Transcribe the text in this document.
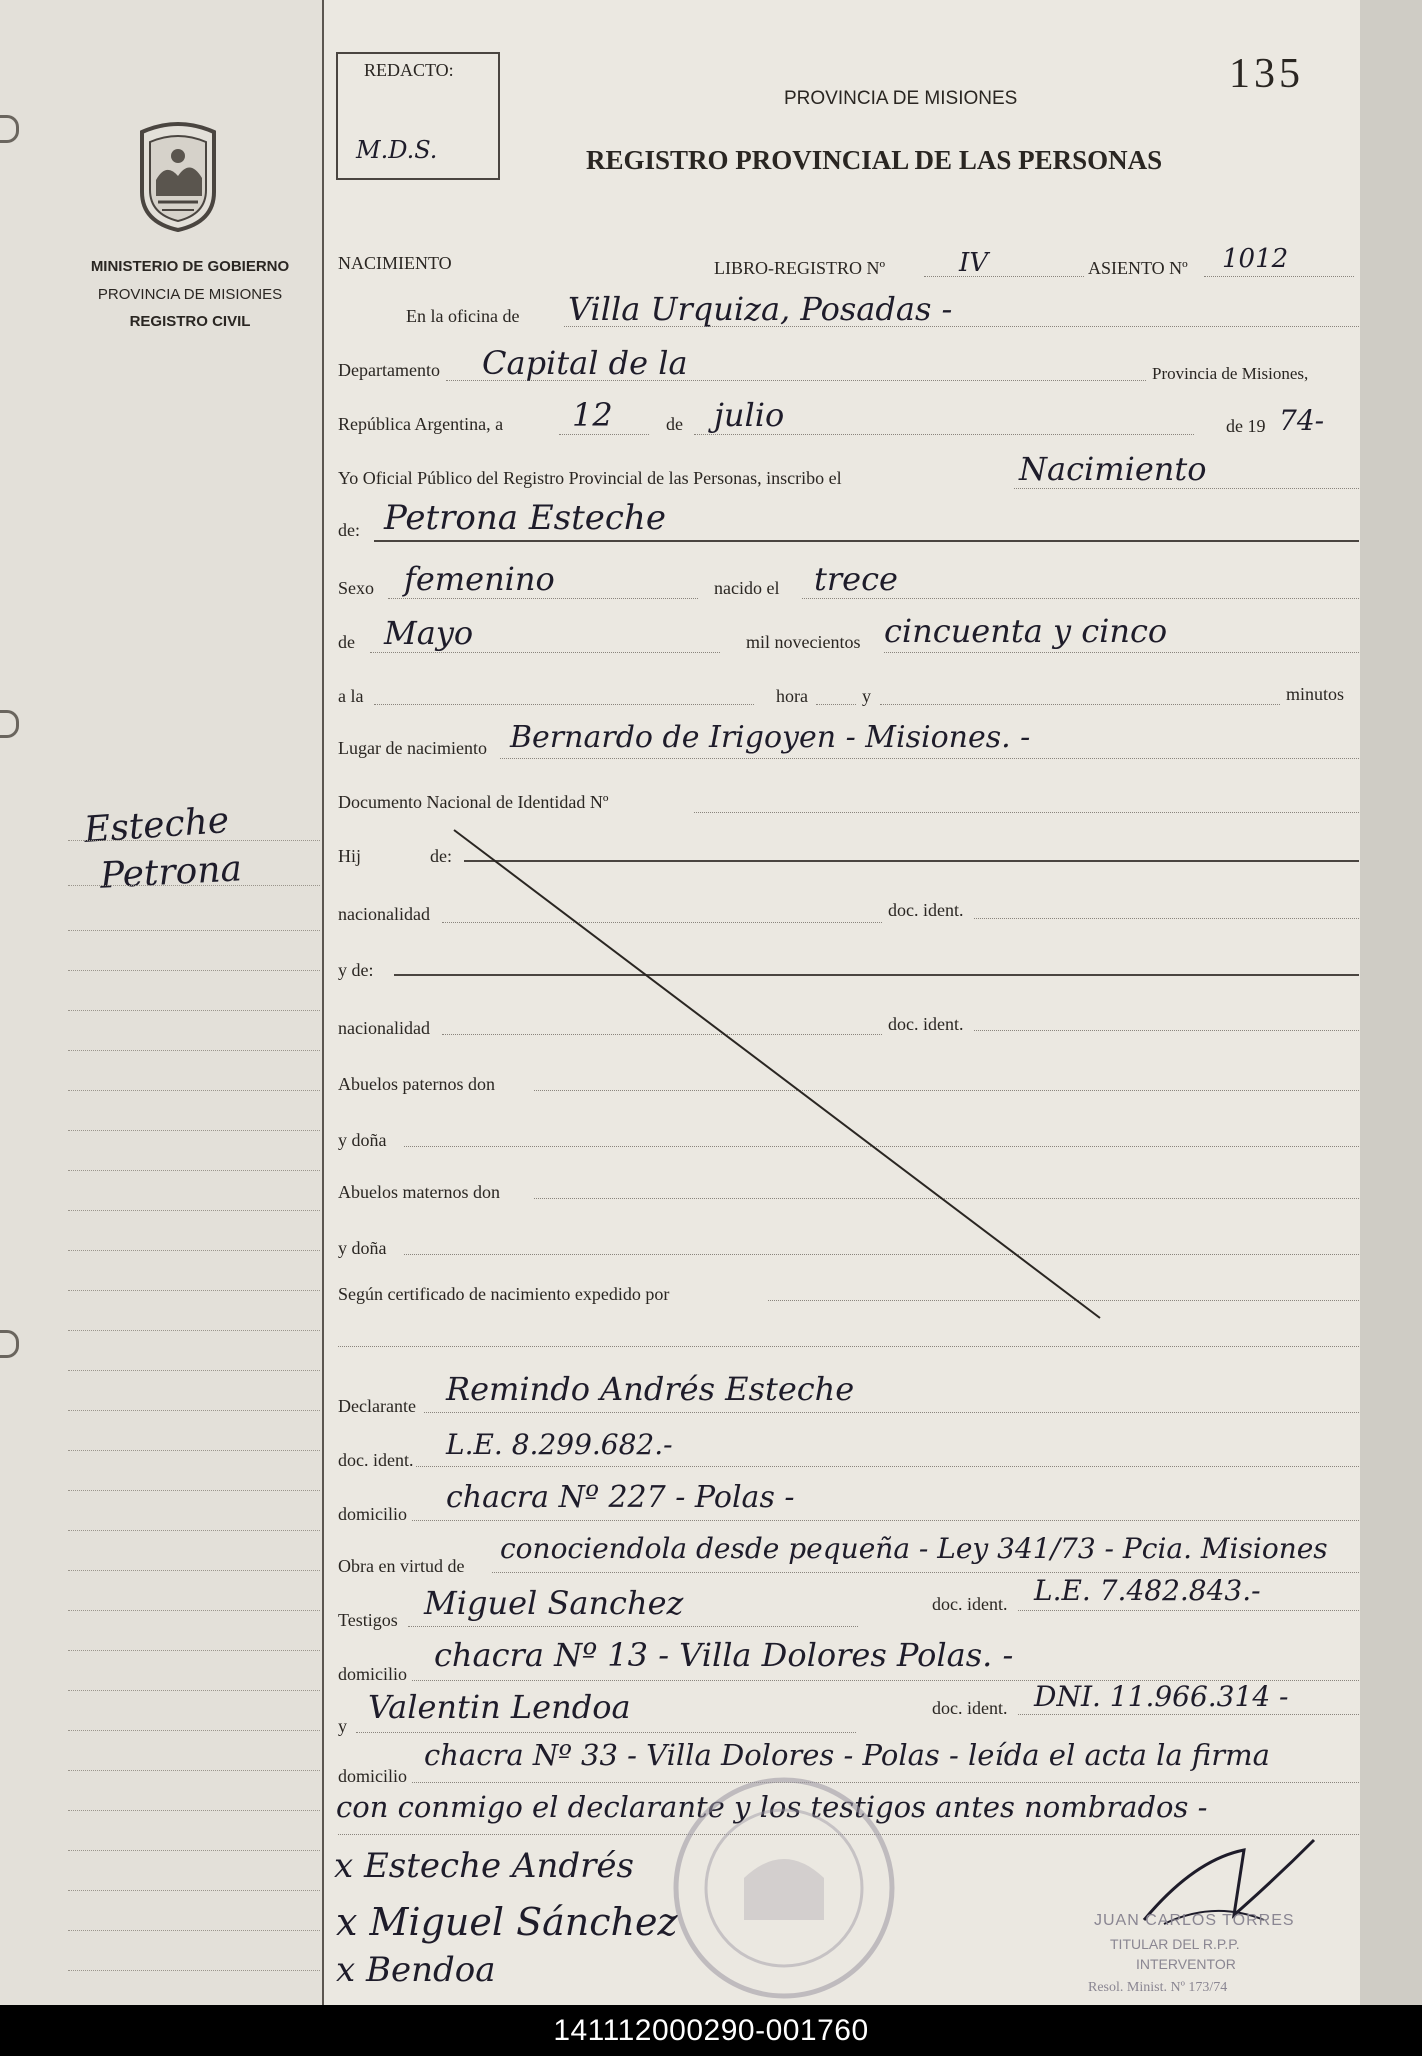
MINISTERIO DE GOBIERNO
PROVINCIA DE MISIONES
REGISTRO CIVIL
Esteche
Petrona
REDACTO:
M.D.S.
135
PROVINCIA DE MISIONES
REGISTRO PROVINCIAL DE LAS PERSONAS
NACIMIENTO	LIBRO-REGISTRO Nº	IV	ASIENTO Nº 1012
En la oficina de Villa Urquiza, Posadas -
Departamento Capital de la	Provincia de Misiones,
República Argentina, a 12	de julio	de 19 74-
Yo Oficial Público del Registro Provincial de las Personas, inscribo el	Nacimiento
de: Petrona Esteche
Sexo femenino	nacido el trece
de Mayo	mil novecientos cincuenta y cinco
a la	hora	y	minutos
Lugar de nacimiento Bernardo de Irigoyen - Misiones. -
Documento Nacional de Identidad Nº
Hij	de:
nacionalidad	doc. ident.
y de:
nacionalidad	doc. ident.
Abuelos paternos don
y doña
Abuelos maternos don
y doña
Según certificado de nacimiento expedido por
Declarante Remindo Andrés Esteche
doc. ident. L.E. 8.299.682.-
domicilio chacra Nº 227 - Polas -
Obra en virtud de
conociendola desde pequeña - Ley 341/73 - Pcia. Misiones
Testigos Miguel Sanchez	doc. ident. L.E. 7.482.843.-
domicilio chacra Nº 13 - Villa Dolores Polas. -
y Valentin Lendoa	doc. ident. DNI. 11.966.314 -
domicilio
chacra Nº 33 - Villa Dolores - Polas - leída el acta la firma
con conmigo el declarante y los testigos antes nombrados -
x Esteche Andrés
x Miguel Sánchez
x Bendoa
JUAN CARLOS TORRES
TITULAR DEL R.P.P.
INTERVENTOR
Resol. Minist. Nº 173/74
141112000290-001760
